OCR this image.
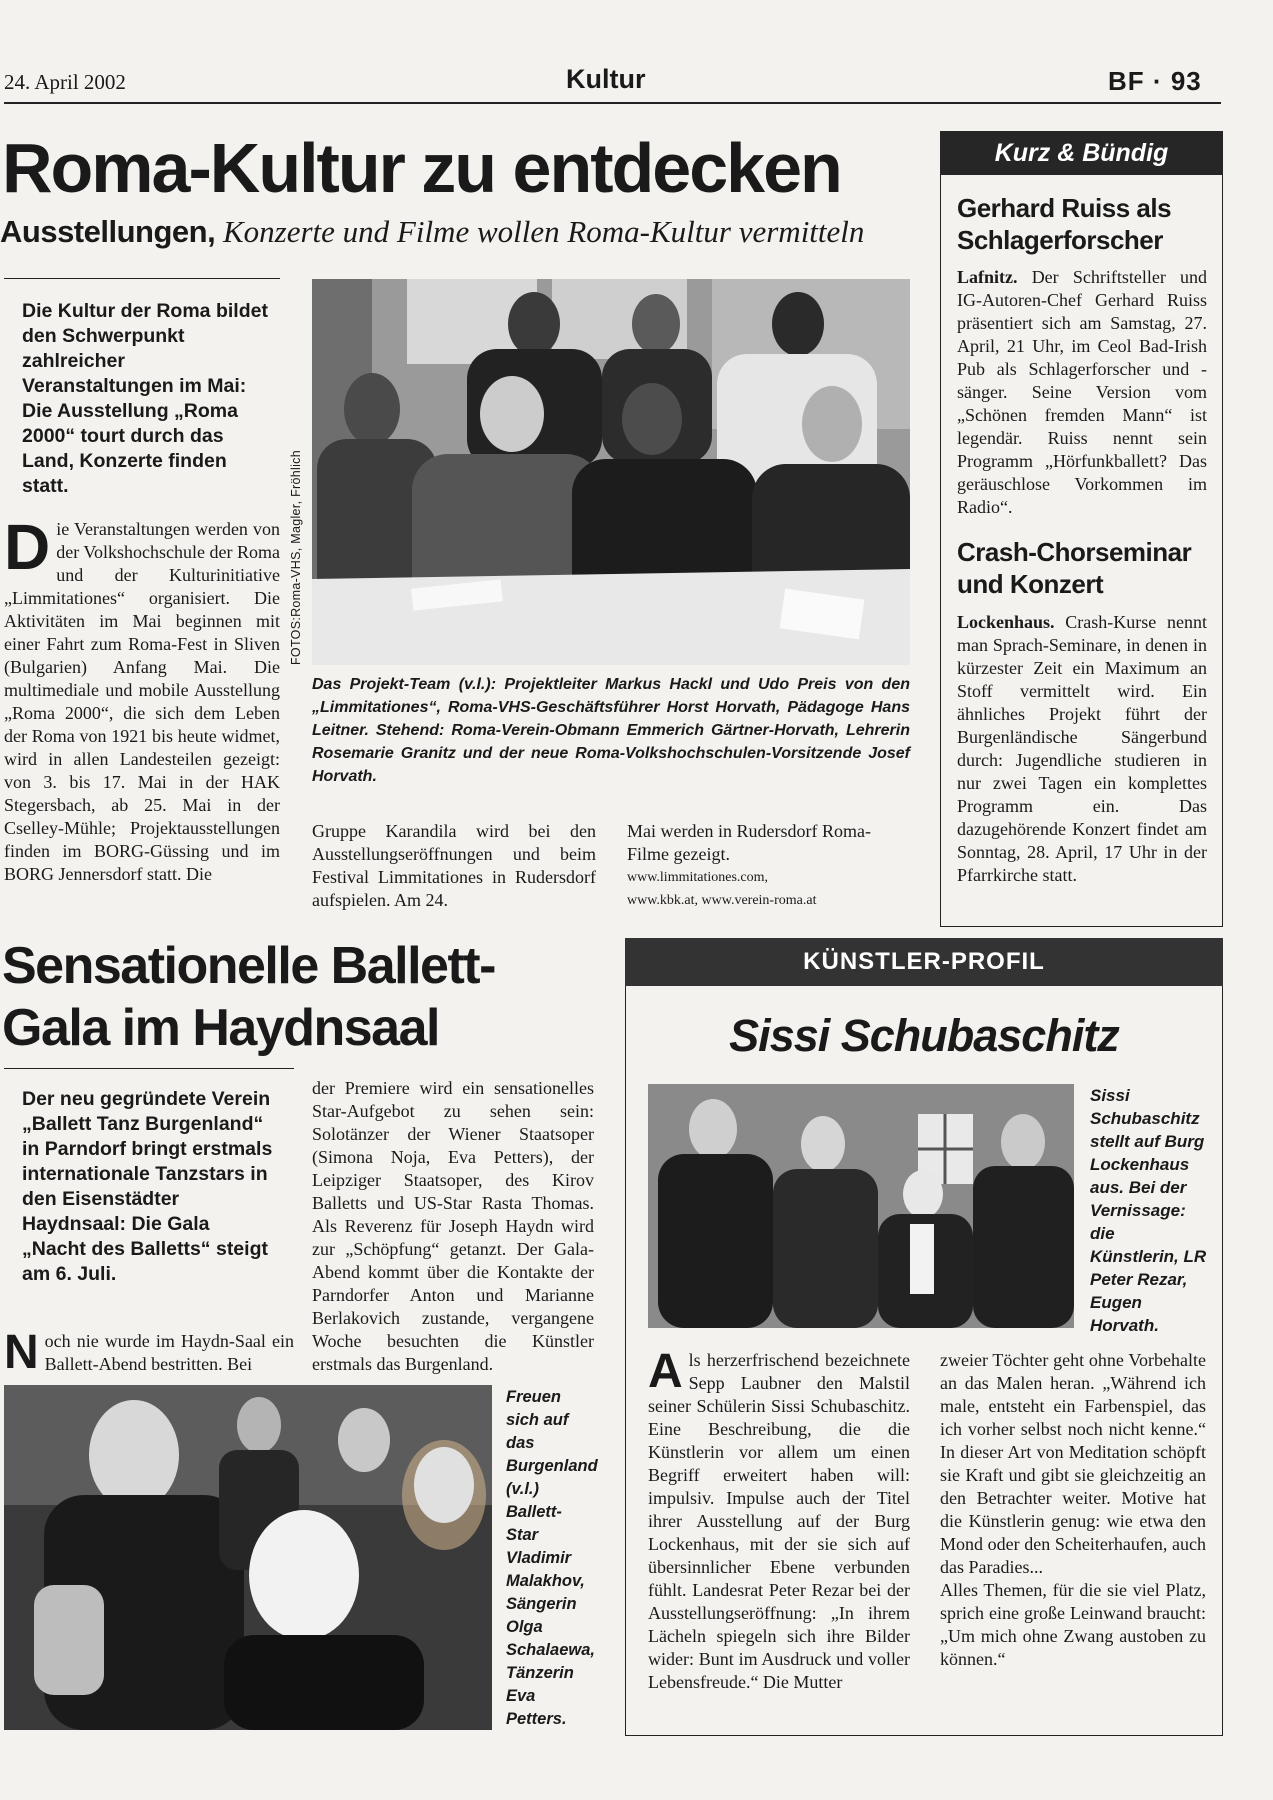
24. April 2002	Kultur	BF · 93
Roma-Kultur zu entdecken
Ausstellungen, Konzerte und Filme wollen Roma-Kultur vermitteln
Die Kultur der Roma bildet den Schwerpunkt zahlreicher Veranstaltungen im Mai: Die Ausstellung „Roma 2000“ tourt durch das Land, Konzerte finden statt.
Die Veranstaltungen werden von der Volkshochschule der Roma und der Kulturinitiative „Limmitationes“ organisiert. Die Aktivitäten im Mai beginnen mit einer Fahrt zum Roma-Fest in Sliven (Bulgarien) Anfang Mai. Die multimediale und mobile Ausstellung „Roma 2000“, die sich dem Leben der Roma von 1921 bis heute widmet, wird in allen Landesteilen gezeigt: von 3. bis 17. Mai in der HAK Stegersbach, ab 25. Mai in der Cselley-Mühle; Projektausstellungen finden im BORG-Güssing und im BORG Jennersdorf statt. Die
FOTOS:Roma-VHS, Magler, Fröhlich
Das Projekt-Team (v.l.): Projektleiter Markus Hackl und Udo Preis von den „Limmitationes“, Roma-VHS-Geschäftsführer Horst Horvath, Pädagoge Hans Leitner. Stehend: Roma-Verein-Obmann Emmerich Gärtner-Horvath, Lehrerin Rosemarie Granitz und der neue Roma-Volkshochschulen-Vorsitzende Josef Horvath.
Gruppe Karandila wird bei den Ausstellungseröffnungen und beim Festival Limmitationes in Rudersdorf aufspielen. Am 24.
Mai werden in Rudersdorf Roma-Filme gezeigt.
www.limmitationes.com,
www.kbk.at, www.verein-roma.at
Kurz & Bündig
Gerhard Ruiss als Schlagerforscher
Lafnitz. Der Schriftsteller und IG-Autoren-Chef Gerhard Ruiss präsentiert sich am Samstag, 27. April, 21 Uhr, im Ceol Bad-Irish Pub als Schlagerforscher und -sänger. Seine Version vom „Schönen fremden Mann“ ist legendär. Ruiss nennt sein Programm „Hörfunkballett? Das geräuschlose Vorkommen im Radio“.
Crash-Chorseminar und Konzert
Lockenhaus. Crash-Kurse nennt man Sprach-Seminare, in denen in kürzester Zeit ein Maximum an Stoff vermittelt wird. Ein ähnliches Projekt führt der Burgenländische Sängerbund durch: Jugendliche studieren in nur zwei Tagen ein komplettes Programm ein. Das dazugehörende Konzert findet am Sonntag, 28. April, 17 Uhr in der Pfarrkirche statt.
Sensationelle Ballett-
Gala im Haydnsaal
Der neu gegründete Verein „Ballett Tanz Burgenland“ in Parndorf bringt erstmals internationale Tanzstars in den Eisenstädter Haydnsaal: Die Gala „Nacht des Balletts“ steigt am 6. Juli.
Noch nie wurde im Haydn-Saal ein Ballett-Abend bestritten. Bei
der Premiere wird ein sensationelles Star-Aufgebot zu sehen sein: Solotänzer der Wiener Staatsoper (Simona Noja, Eva Petters), der Leipziger Staatsoper, des Kirov Balletts und US-Star Rasta Thomas. Als Reverenz für Joseph Haydn wird zur „Schöpfung“ getanzt. Der Gala-Abend kommt über die Kontakte der Parndorfer Anton und Marianne Berlakovich zustande, vergangene Woche besuchten die Künstler erstmals das Burgenland.
Freuen sich auf das Burgenland (v.l.) Ballett-Star Vladimir Malakhov, Sängerin Olga Schalaewa, Tänzerin Eva Petters.
KÜNSTLER-PROFIL
Sissi Schubaschitz
Sissi Schubaschitz stellt auf Burg Lockenhaus aus. Bei der Vernissage: die Künstlerin, LR Peter Rezar, Eugen Horvath.
Als herzerfrischend bezeichnete Sepp Laubner den Malstil seiner Schülerin Sissi Schubaschitz. Eine Beschreibung, die die Künstlerin vor allem um einen Begriff erweitert haben will: impulsiv. Impulse auch der Titel ihrer Ausstellung auf der Burg Lockenhaus, mit der sie sich auf übersinnlicher Ebene verbunden fühlt. Landesrat Peter Rezar bei der Ausstellungseröffnung: „In ihrem Lächeln spiegeln sich ihre Bilder wider: Bunt im Ausdruck und voller Lebensfreude.“ Die Mutter
zweier Töchter geht ohne Vorbehalte an das Malen heran. „Während ich male, entsteht ein Farbenspiel, das ich vorher selbst noch nicht kenne.“ In dieser Art von Meditation schöpft sie Kraft und gibt sie gleichzeitig an den Betrachter weiter. Motive hat die Künstlerin genug: wie etwa den Mond oder den Scheiterhaufen, auch das Paradies...
Alles Themen, für die sie viel Platz, sprich eine große Leinwand braucht: „Um mich ohne Zwang austoben zu können.“
